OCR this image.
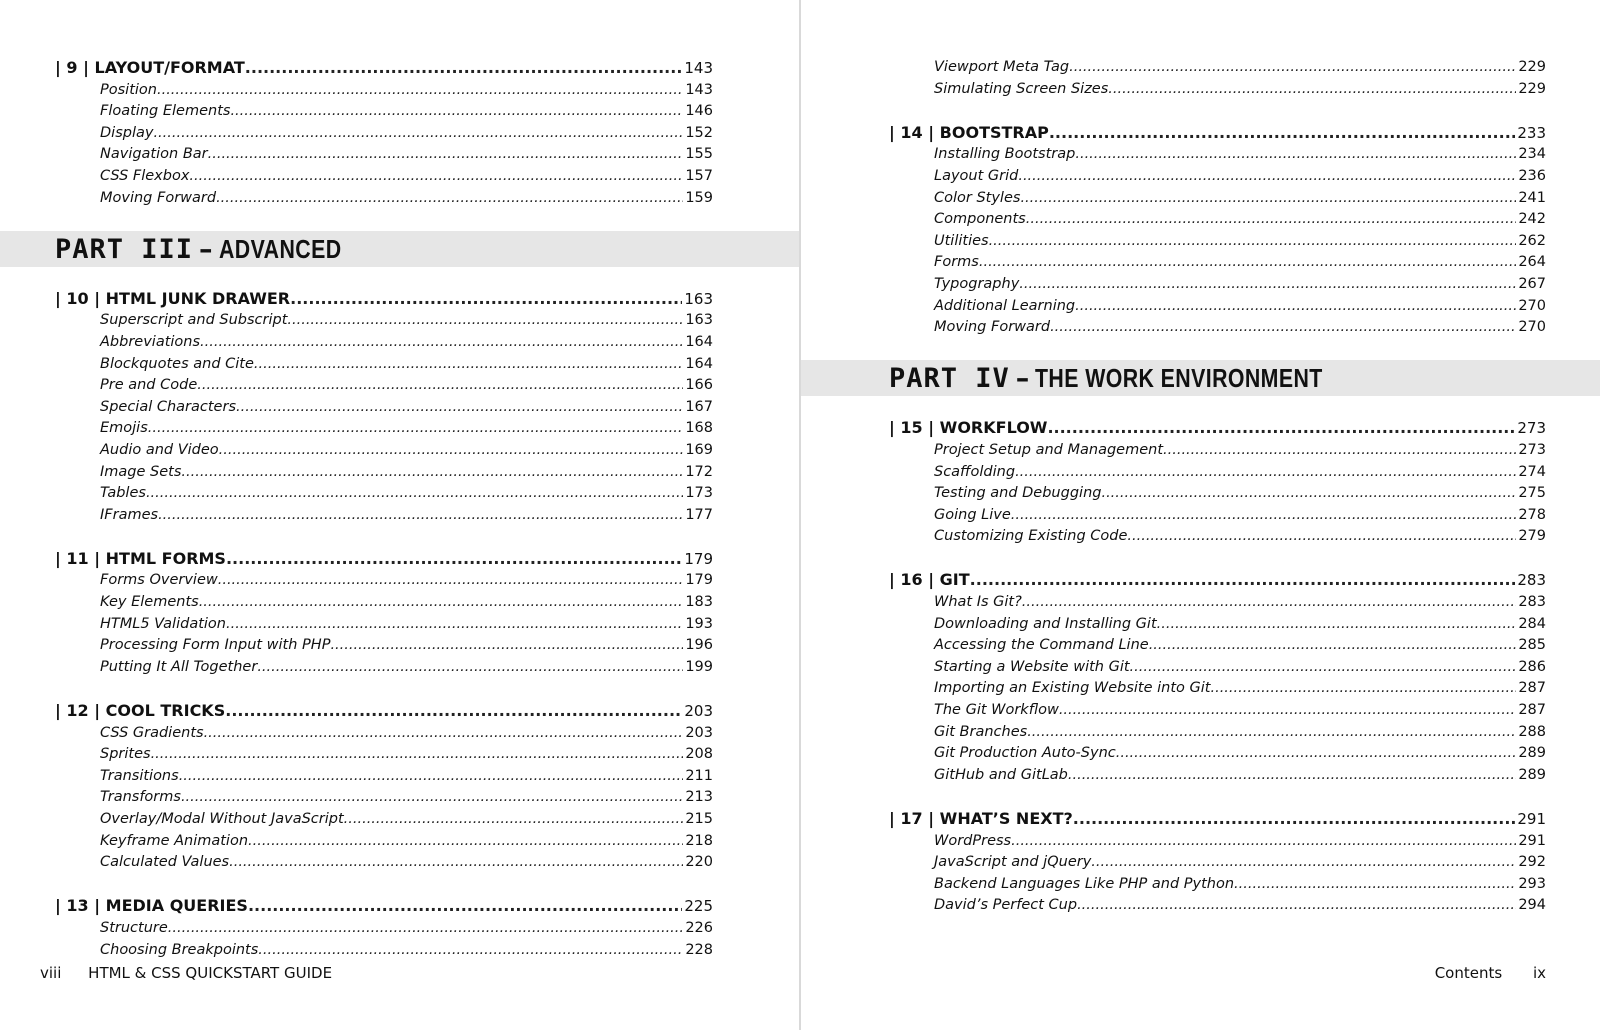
| 9 | LAYOUT/FORMAT .....	143
Position .....	143
Floating Elements .....	146
Display .....	152
Navigation Bar .....	155
CSS Flexbox .....	157
Moving Forward .....	159
PART III – ADVANCED
| 10 | HTML JUNK DRAWER .....	163
Superscript and Subscript .....	163
Abbreviations .....	164
Blockquotes and Cite .....	164
Pre and Code .....	166
Special Characters .....	167
Emojis .....	168
Audio and Video .....	169
Image Sets .....	172
Tables .....	173
IFrames .....	177
| 11 | HTML FORMS .....	179
Forms Overview .....	179
Key Elements .....	183
HTML5 Validation .....	193
Processing Form Input with PHP .....	196
Putting It All Together .....	199
| 12 | COOL TRICKS .....	203
CSS Gradients .....	203
Sprites .....	208
Transitions .....	211
Transforms .....	213
Overlay/Modal Without JavaScript .....	215
Keyframe Animation .....	218
Calculated Values .....	220
| 13 | MEDIA QUERIES .....	225
Structure .....	226
Choosing Breakpoints .....	228
viii HTML & CSS QUICKSTART GUIDE
Viewport Meta Tag .....	229
Simulating Screen Sizes .....	229
| 14 | BOOTSTRAP .....	233
Installing Bootstrap .....	234
Layout Grid .....	236
Color Styles .....	241
Components .....	242
Utilities .....	262
Forms .....	264
Typography .....	267
Additional Learning .....	270
Moving Forward .....	270
PART IV – THE WORK ENVIRONMENT
| 15 | WORKFLOW .....	273
Project Setup and Management .....	273
Scaffolding .....	274
Testing and Debugging .....	275
Going Live .....	278
Customizing Existing Code .....	279
| 16 | GIT .....	283
What Is Git? .....	283
Downloading and Installing Git .....	284
Accessing the Command Line .....	285
Starting a Website with Git .....	286
Importing an Existing Website into Git .....	287
The Git Workflow .....	287
Git Branches .....	288
Git Production Auto-Sync .....	289
GitHub and GitLab .....	289
| 17 | WHAT’S NEXT? .....	291
WordPress .....	291
JavaScript and jQuery .....	292
Backend Languages Like PHP and Python .....	293
David’s Perfect Cup .....	294
Contents ix
